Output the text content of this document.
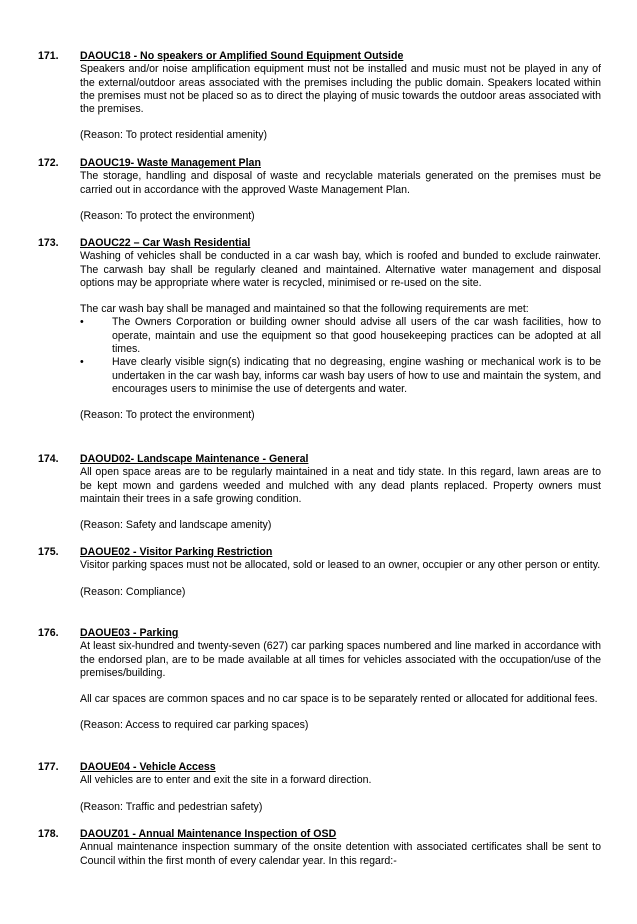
171.	DAOUC18 - No speakers or Amplified Sound Equipment Outside

Speakers and/or noise amplification equipment must not be installed and music must not be played in any of the external/outdoor areas associated with the premises including the public domain. Speakers located within the premises must not be placed so as to direct the playing of music towards the outdoor areas associated with the premises.

(Reason: To protect residential amenity)

172.	DAOUC19- Waste Management Plan

The storage, handling and disposal of waste and recyclable materials generated on the premises must be carried out in accordance with the approved Waste Management Plan.

(Reason: To protect the environment)

173.	DAOUC22 – Car Wash Residential

Washing of vehicles shall be conducted in a car wash bay, which is roofed and bunded to exclude rainwater. The carwash bay shall be regularly cleaned and maintained. Alternative water management and disposal options may be appropriate where water is recycled, minimised or re-used on the site.

The car wash bay shall be managed and maintained so that the following requirements are met:

•	The Owners Corporation or building owner should advise all users of the car wash facilities, how to operate, maintain and use the equipment so that good housekeeping practices can be adopted at all times.
•	Have clearly visible sign(s) indicating that no degreasing, engine washing or mechanical work is to be undertaken in the car wash bay, informs car wash bay users of how to use and maintain the system, and encourages users to minimise the use of detergents and water.

(Reason: To protect the environment)

174.	DAOUD02- Landscape Maintenance - General

All open space areas are to be regularly maintained in a neat and tidy state. In this regard, lawn areas are to be kept mown and gardens weeded and mulched with any dead plants replaced. Property owners must maintain their trees in a safe growing condition.

(Reason: Safety and landscape amenity)

175.	DAOUE02 - Visitor Parking Restriction

Visitor parking spaces must not be allocated, sold or leased to an owner, occupier or any other person or entity.

(Reason: Compliance)

176.	DAOUE03 - Parking

At least six-hundred and twenty-seven (627) car parking spaces numbered and line marked in accordance with the endorsed plan, are to be made available at all times for vehicles associated with the occupation/use of the premises/building.

All car spaces are common spaces and no car space is to be separately rented or allocated for additional fees.

(Reason: Access to required car parking spaces)

177.	DAOUE04 - Vehicle Access

All vehicles are to enter and exit the site in a forward direction.

(Reason: Traffic and pedestrian safety)

178.	DAOUZ01 - Annual Maintenance Inspection of OSD

Annual maintenance inspection summary of the onsite detention with associated certificates shall be sent to Council within the first month of every calendar year. In this regard:-
